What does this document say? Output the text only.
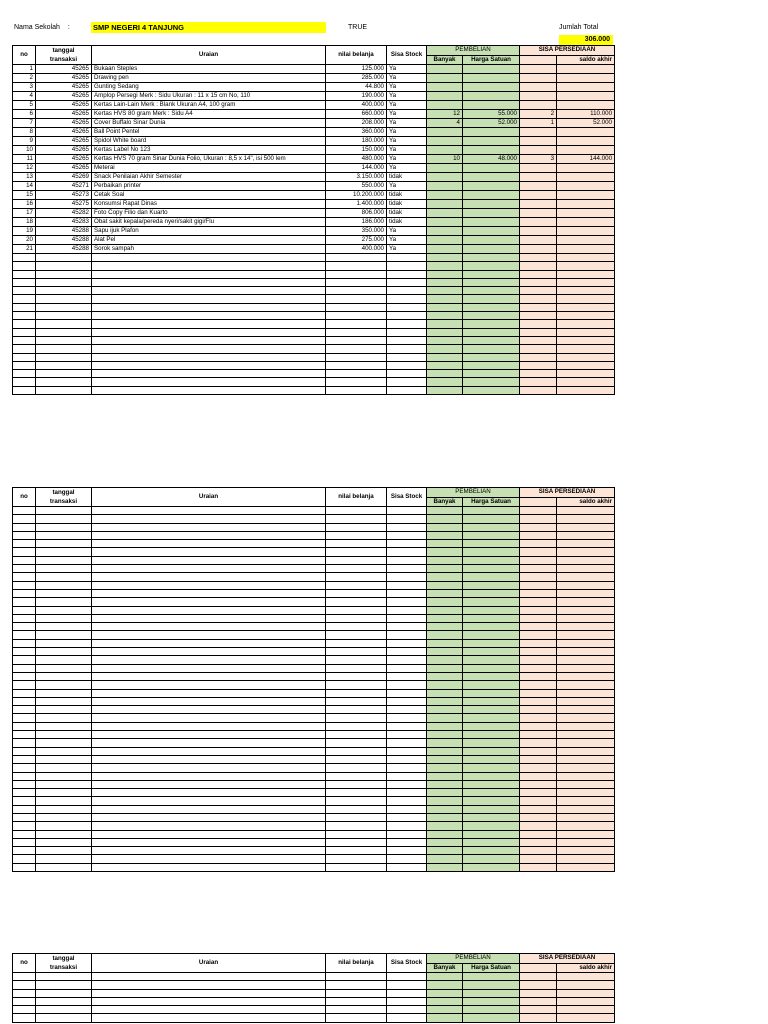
Nama Sekolah :	SMP NEGERI 4 TANJUNG	TRUE	Jumlah Total
306.000
no	tanggal
transaksi	Uraian	nilai belanja	Sisa Stock	PEMBELIAN		SISA PERSEDIAAN	
					Banyak	Harga Satuan		saldo akhir
1	45265	Bukaan Steples	125.000	Ya				
2	45265	Drawing pen	285.000	Ya				
3	45265	Gunting Sedang	44.800	Ya				
4	45265	Amplop Persegi Merk : Sidu Ukuran : 11 x 15 cm No, 110	190.000	Ya				
5	45265	Kertas Lain-Lain Merk : Blank Ukuran A4, 100 gram	400.000	Ya				
6	45265	Kertas HVS 80 gram Merk : Sidu A4	660.000	Ya	12	55.000	2	110.000
7	45265	Cover Buffalo Sinar Dunia	208.000	Ya	4	52.000	1	52.000
8	45265	Ball Point Pentel	360.000	Ya				
9	45265	Spidol White board	180.000	Ya				
10	45265	Kertas Label No 123	150.000	Ya				
11	45265	Kertas HVS 70 gram Sinar Dunia Folio, Ukuran : 8,5 x 14", isi 500 lem	480.000	Ya	10	48.000	3	144.000
12	45265	Meterai	144.000	Ya				
13	45269	Snack Penilaian Akhir Semester	3.150.000	tidak				
14	45271	Perbaikan printer	550.000	Ya				
15	45273	Cetak Soal	10.200.000	tidak				
16	45275	Konsumsi Rapat Dinas	1.400.000	tidak				
17	45282	Foto Copy Filio dan Kuarto	806.000	tidak				
18	45283	Obat sakit kepala/pereda nyeri/sakit gigi/Flu	186.000	tidak				
19	45288	Sapu ijuk Plafon	350.000	Ya				
20	45288	Alat Pel	275.000	Ya				
21	45288	Sorok sampah	400.000	Ya				

no	tanggal
transaksi	Uraian	nilai belanja	Sisa Stock	PEMBELIAN		SISA PERSEDIAAN	
					Banyak	Harga Satuan		saldo akhir

no	tanggal
transaksi	Uraian	nilai belanja	Sisa Stock	PEMBELIAN		SISA PERSEDIAAN	
					Banyak	Harga Satuan		saldo akhir
